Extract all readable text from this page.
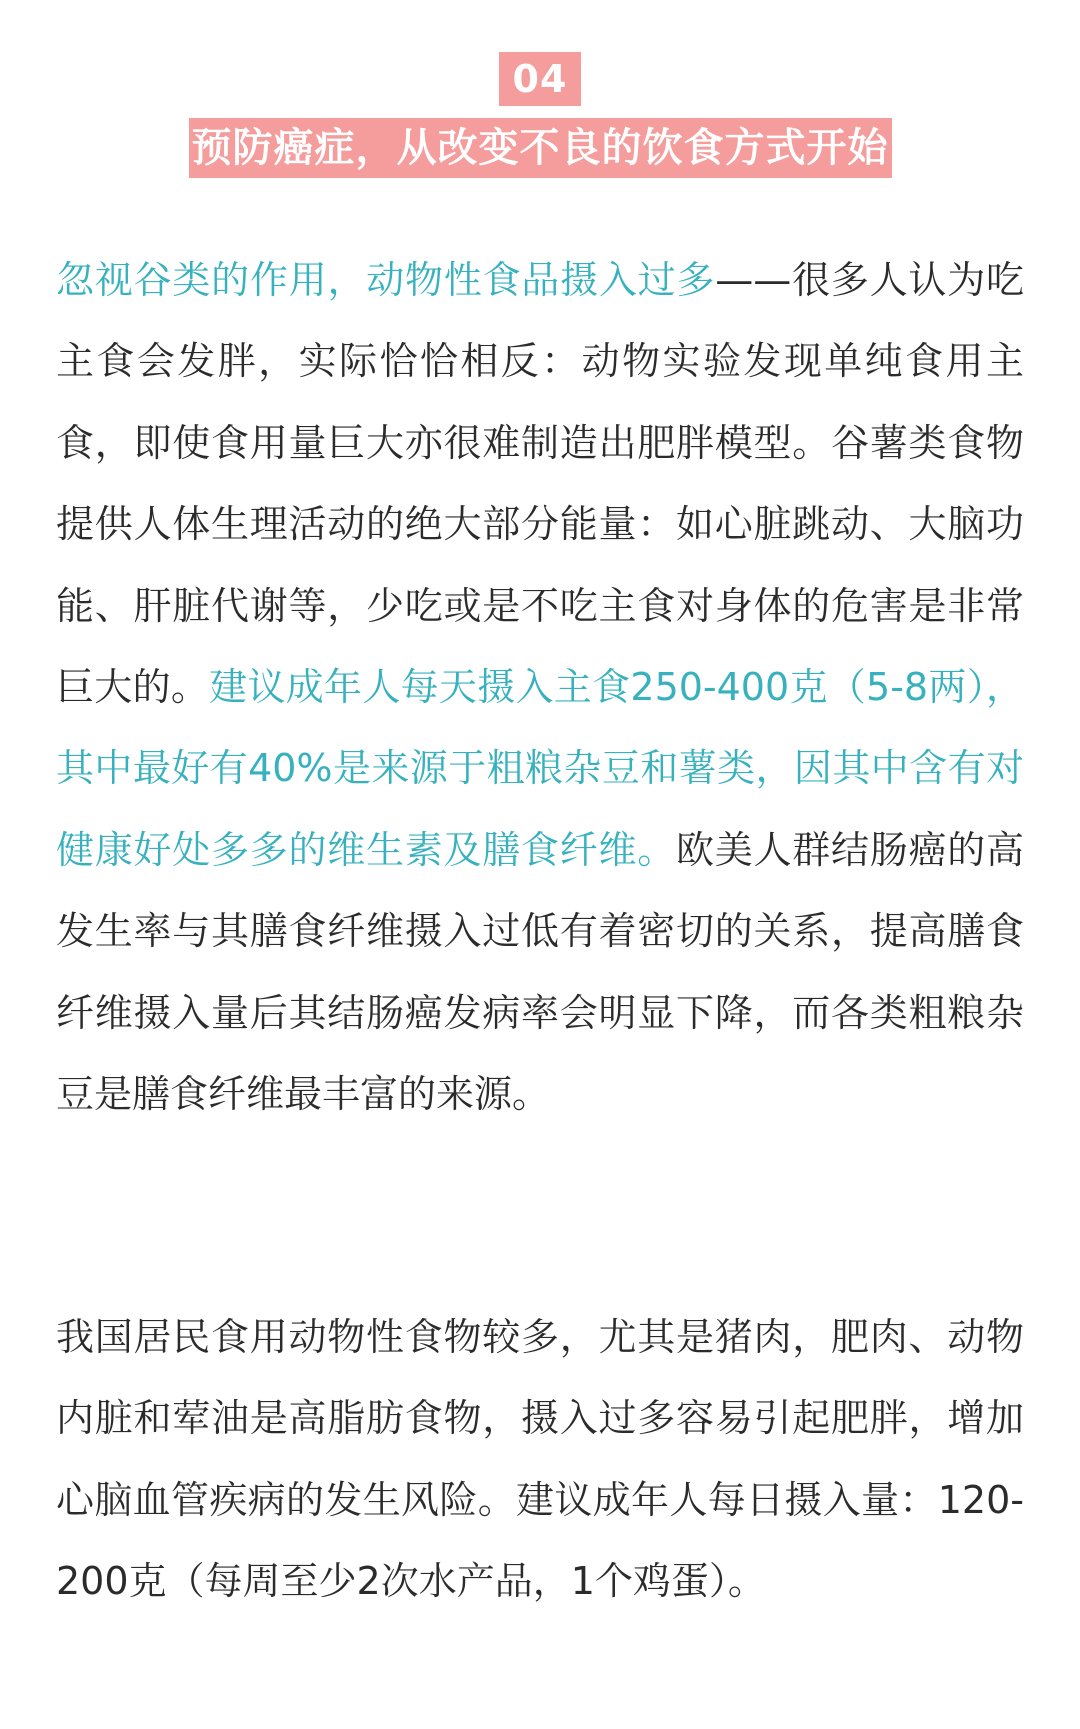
04
预防癌症，从改变不良的饮食方式开始

忽视谷类的作用，动物性食品摄入过多——很多人认为吃主食会发胖，实际恰恰相反：动物实验发现单纯食用主食，即使食用量巨大亦很难制造出肥胖模型。谷薯类食物提供人体生理活动的绝大部分能量：如心脏跳动、大脑功能、肝脏代谢等，少吃或是不吃主食对身体的危害是非常巨大的。建议成年人每天摄入主食250-400克（5-8两），其中最好有40%是来源于粗粮杂豆和薯类，因其中含有对健康好处多多的维生素及膳食纤维。欧美人群结肠癌的高发生率与其膳食纤维摄入过低有着密切的关系，提高膳食纤维摄入量后其结肠癌发病率会明显下降，而各类粗粮杂豆是膳食纤维最丰富的来源。

我国居民食用动物性食物较多，尤其是猪肉，肥肉、动物内脏和荤油是高脂肪食物，摄入过多容易引起肥胖，增加心脑血管疾病的发生风险。建议成年人每日摄入量：120-200克（每周至少2次水产品，1个鸡蛋）。
